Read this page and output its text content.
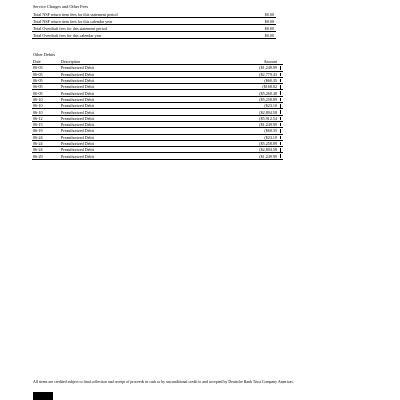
Service Charges and Other Fees
Total NSF return item fees for this statement period	$0.00
Total NSF return item fees for this calendar year	$0.00
Total Overdraft fees for this statement period	$0.00
Total Overdraft fees for this calendar year	$0.00
Other Debits
Date	Description	Amount
06-03	Preauthorized Debit	($1,249.99
06-03	Preauthorized Debit	($2,779.43
06-05	Preauthorized Debit	($60.35
06-05	Preauthorized Debit	($168.02
06-05	Preauthorized Debit	($5,260.48
06-10	Preauthorized Debit	($5,258.89
06-10	Preauthorized Debit	($23.10
06-10	Preauthorized Debit	($2,804.58
06-12	Preauthorized Debit	($5,912.54
06-15	Preauthorized Debit	($1,249.99
06-19	Preauthorized Debit	($60.35
06-24	Preauthorized Debit	($23.10
06-24	Preauthorized Debit	($5,258.89
06-24	Preauthorized Debit	($2,804.58
06-29	Preauthorized Debit	($1,249.99
All items are credited subject to final collection and receipt of proceeds in cash or by unconditional credit to and accepted by Deutsche Bank Trust Company Americas.
